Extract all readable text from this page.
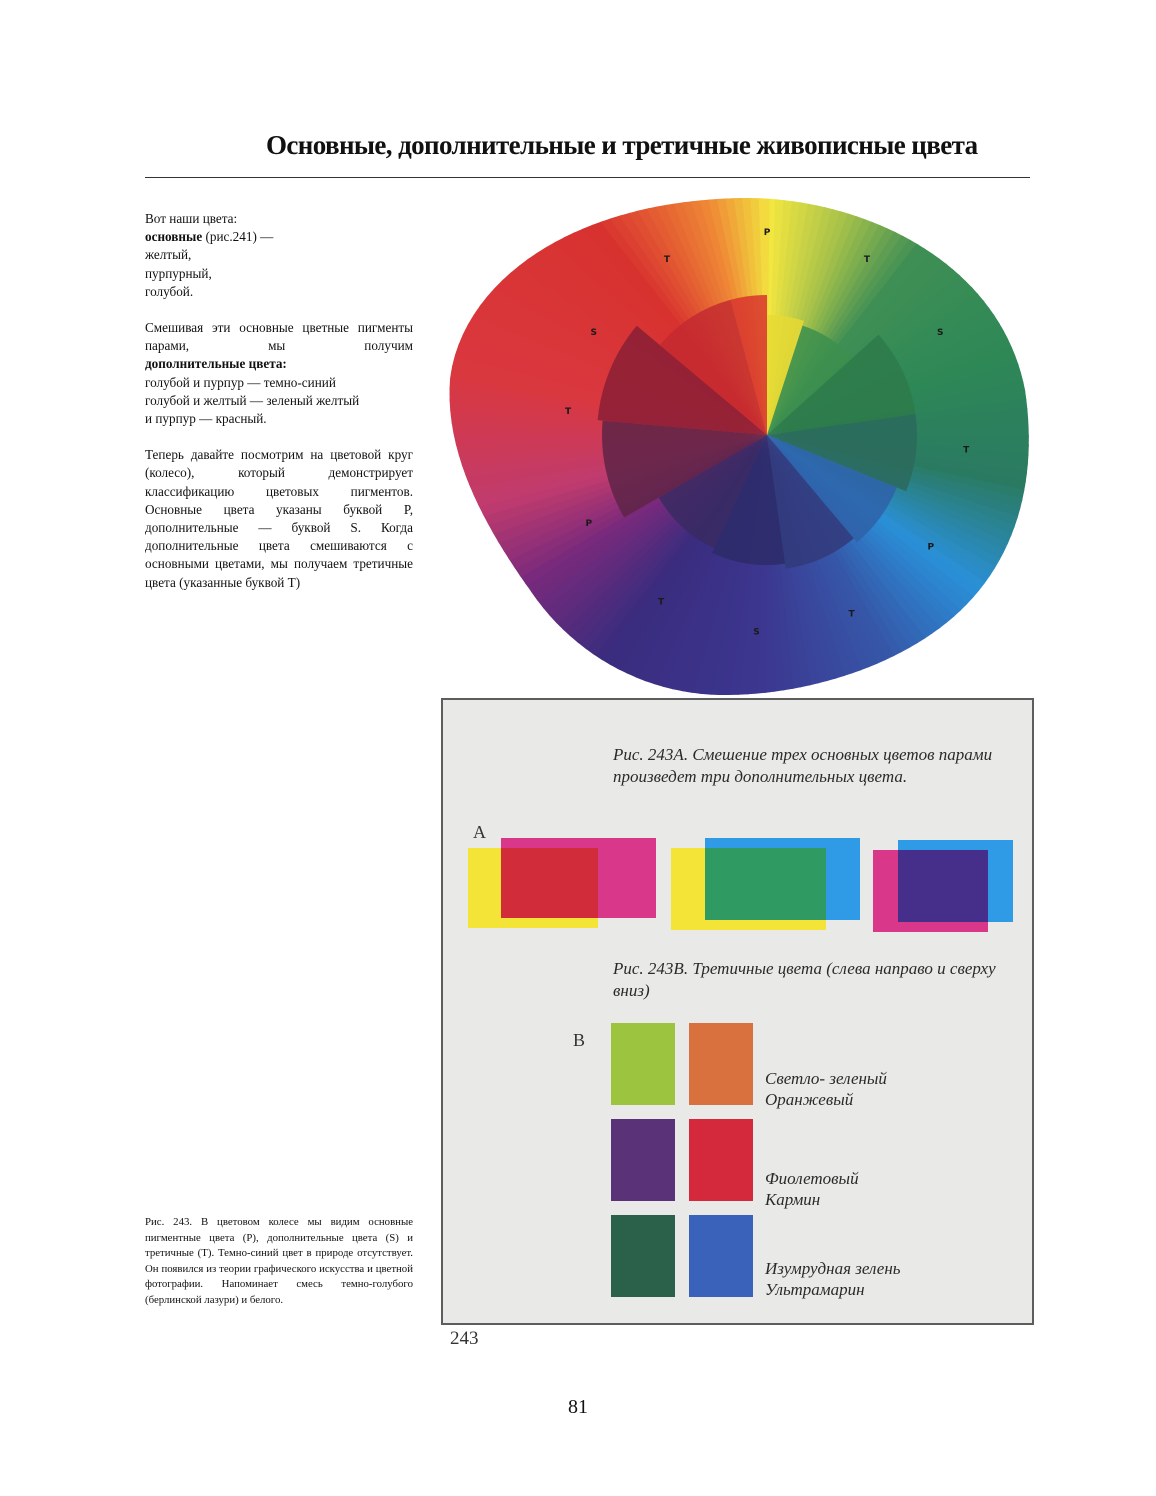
Основные, дополнительные и третичные живописные цвета

Вот наши цвета:
основные (рис.241) —
желтый,
пурпурный,
голубой.

Смешивая эти основные цветные пигменты парами, мы получим
дополнительные цвета:
голубой и пурпур — темно-синий
голубой и желтый — зеленый желтый
и пурпур — красный.

Теперь давайте посмотрим на цветовой круг (колесо), который демонстрирует классификацию цветовых пигментов. Основные цвета указаны буквой P, дополнительные — буквой S. Когда дополнительные цвета смешиваются с основными цветами, мы получаем третичные цвета (указанные буквой T)

P
T
S
T
P
T
S
T
P
T
S
T
Рис. 243А. Смешение трех основных цветов парами произведет три дополнительных цвета.
A
Рис. 243В. Третичные цвета (слева направо и сверху вниз)
B
Светло- зеленый
Оранжевый
Фиолетовый
Кармин
Изумрудная зелень
Ультрамарин
243
Рис. 243. В цветовом колесе мы видим основные пигментные цвета (P), дополнительные цвета (S) и третичные (T). Темно-синий цвет в природе отсутствует. Он появился из теории графического искусства и цветной фотографии. Напоминает смесь темно-голубого (берлинской лазури) и белого.
81
